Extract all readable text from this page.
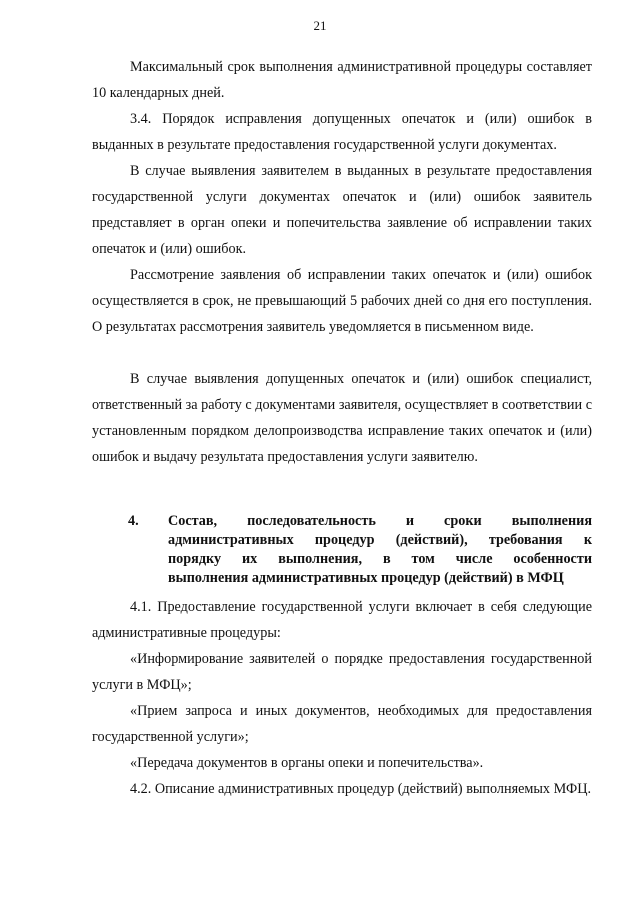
21

Максимальный срок выполнения административной процедуры составляет 10 календарных дней.

3.4. Порядок исправления допущенных опечаток и (или) ошибок в выданных в результате предоставления государственной услуги документах.

В случае выявления заявителем в выданных в результате предоставления государственной услуги документах опечаток и (или) ошибок заявитель представляет в орган опеки и попечительства заявление об исправлении таких опечаток и (или) ошибок.

Рассмотрение заявления об исправлении таких опечаток и (или) ошибок осуществляется в срок, не превышающий 5 рабочих дней со дня его поступления. О результатах рассмотрения заявитель уведомляется в письменном виде.

В случае выявления допущенных опечаток и (или) ошибок специалист, ответственный за работу с документами заявителя, осуществляет в соответствии с установленным порядком делопроизводства исправление таких опечаток и (или) ошибок и выдачу результата предоставления услуги заявителю.

4. Состав, последовательность и сроки выполнения
административных процедур (действий), требования к
порядку их выполнения, в том числе особенности
выполнения административных процедур (действий) в МФЦ

4.1. Предоставление государственной услуги включает в себя следующие административные процедуры:

«Информирование заявителей о порядке предоставления государственной услуги в МФЦ»;

«Прием запроса и иных документов, необходимых для предоставления государственной услуги»;

«Передача документов в органы опеки и попечительства».

4.2. Описание административных процедур (действий) выполняемых МФЦ.
